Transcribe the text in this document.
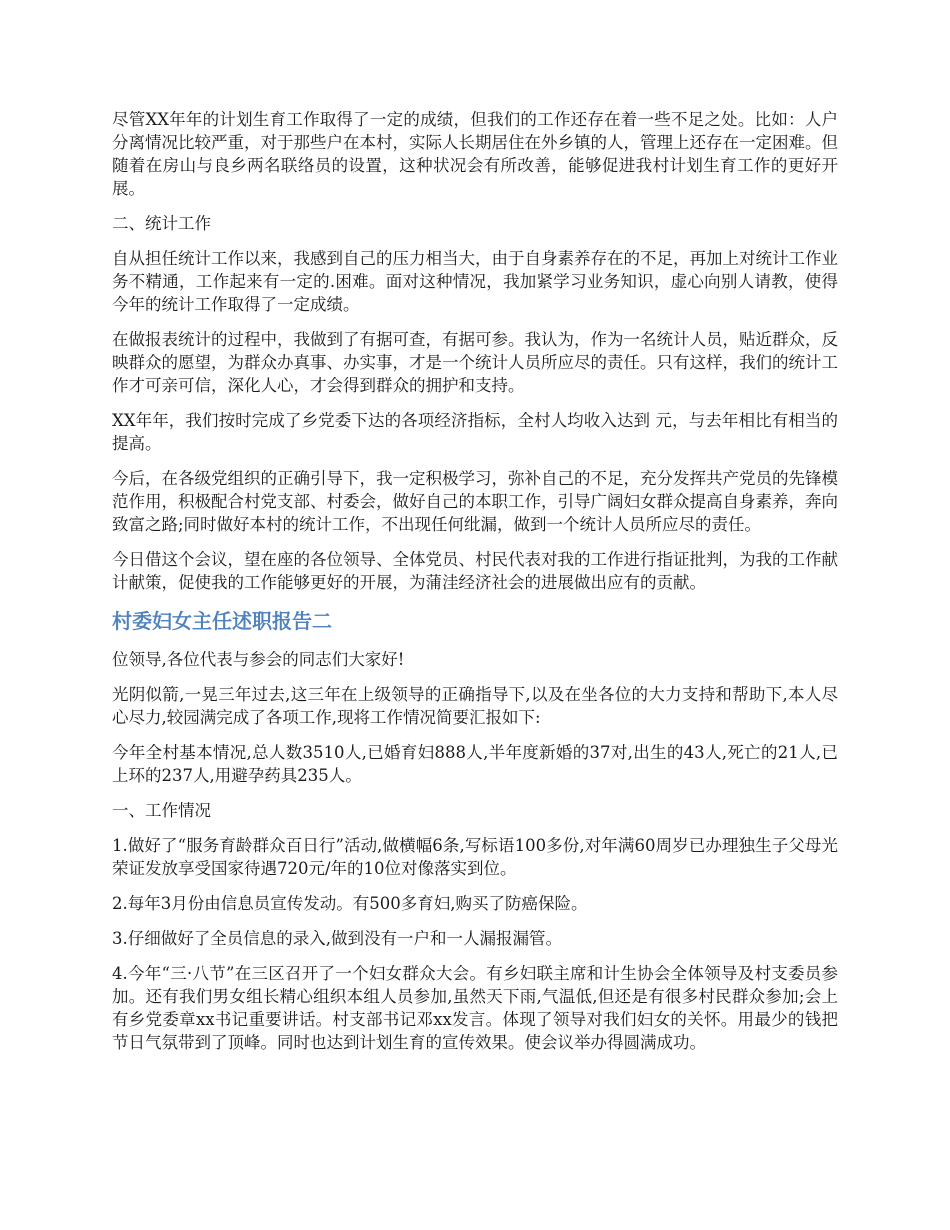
尽管XX年年的计划生育工作取得了一定的成绩，但我们的工作还存在着一些不足之处。比如：人户分离情况比较严重，对于那些户在本村，实际人长期居住在外乡镇的人，管理上还存在一定困难。但随着在房山与良乡两名联络员的设置，这种状况会有所改善，能够促进我村计划生育工作的更好开展。

二、统计工作

自从担任统计工作以来，我感到自己的压力相当大，由于自身素养存在的不足，再加上对统计工作业务不精通，工作起来有一定的.困难。面对这种情况，我加紧学习业务知识，虚心向别人请教，使得今年的统计工作取得了一定成绩。

在做报表统计的过程中，我做到了有据可查，有据可参。我认为，作为一名统计人员，贴近群众，反映群众的愿望，为群众办真事、办实事，才是一个统计人员所应尽的责任。只有这样，我们的统计工作才可亲可信，深化人心，才会得到群众的拥护和支持。

XX年年，我们按时完成了乡党委下达的各项经济指标，全村人均收入达到 元，与去年相比有相当的提高。

今后，在各级党组织的正确引导下，我一定积极学习，弥补自己的不足，充分发挥共产党员的先锋模范作用，积极配合村党支部、村委会，做好自己的本职工作，引导广阔妇女群众提高自身素养，奔向致富之路;同时做好本村的统计工作，不出现任何纰漏，做到一个统计人员所应尽的责任。

今日借这个会议，望在座的各位领导、全体党员、村民代表对我的工作进行指证批判，为我的工作献计献策，促使我的工作能够更好的开展，为蒲洼经济社会的进展做出应有的贡献。

村委妇女主任述职报告二

位领导,各位代表与参会的同志们大家好!

光阴似箭,一晃三年过去,这三年在上级领导的正确指导下,以及在坐各位的大力支持和帮助下,本人尽心尽力,较园满完成了各项工作,现将工作情况简要汇报如下:

今年全村基本情况,总人数3510人,已婚育妇888人,半年度新婚的37对,出生的43人,死亡的21人,已上环的237人,用避孕药具235人。

一、工作情况

1.做好了“服务育龄群众百日行”活动,做横幅6条,写标语100多份,对年满60周岁已办理独生子父母光荣证发放享受国家待遇720元/年的10位对像落实到位。

2.每年3月份由信息员宣传发动。有500多育妇,购买了防癌保险。

3.仔细做好了全员信息的录入,做到没有一户和一人漏报漏管。

4.今年“三·八节”在三区召开了一个妇女群众大会。有乡妇联主席和计生协会全体领导及村支委员参加。还有我们男女组长精心组织本组人员参加,虽然天下雨,气温低,但还是有很多村民群众参加;会上有乡党委章xx书记重要讲话。村支部书记邓xx发言。体现了领导对我们妇女的关怀。用最少的钱把节日气氛带到了顶峰。同时也达到计划生育的宣传效果。使会议举办得圆满成功。
